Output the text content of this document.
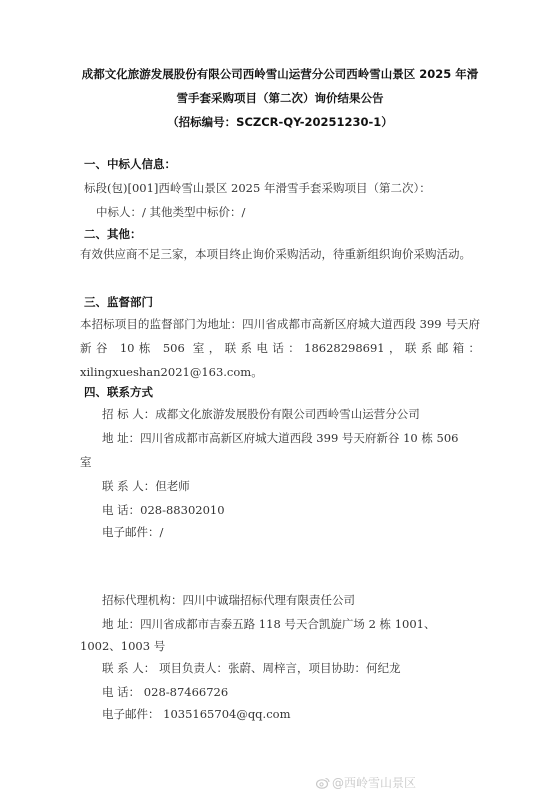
成都文化旅游发展股份有限公司西岭雪山运营分公司西岭雪山景区 2025 年滑
雪手套采购项目（第二次）询价结果公告
（招标编号：SCZCR-QY-20251230-1）
一、中标人信息：
标段(包)[001]西岭雪山景区 2025 年滑雪手套采购项目（第二次）：
中标人：/ 其他类型中标价：/
二、其他：
有效供应商不足三家，本项目终止询价采购活动，待重新组织询价采购活动。
三、监督部门
本招标项目的监督部门为地址：四川省成都市高新区府城大道西段 399 号天府新谷 10栋 506 室，联系电话：18628298691，联系邮箱：xilingxueshan2021@163.com。
四、联系方式
招 标 人：成都文化旅游发展股份有限公司西岭雪山运营分公司
地 址：四川省成都市高新区府城大道西段 399 号天府新谷 10 栋 506
室
联 系 人：但老师
电 话：028-88302010
电子邮件：/
招标代理机构：四川中诚瑞招标代理有限责任公司
地 址：四川省成都市吉泰五路 118 号天合凯旋广场 2 栋 1001、
1002、1003 号
联 系 人： 项目负责人：张蔚、周梓言，项目协助：何纪龙
电 话： 028-87466726
电子邮件： 1035165704@qq.com
@西岭雪山景区
